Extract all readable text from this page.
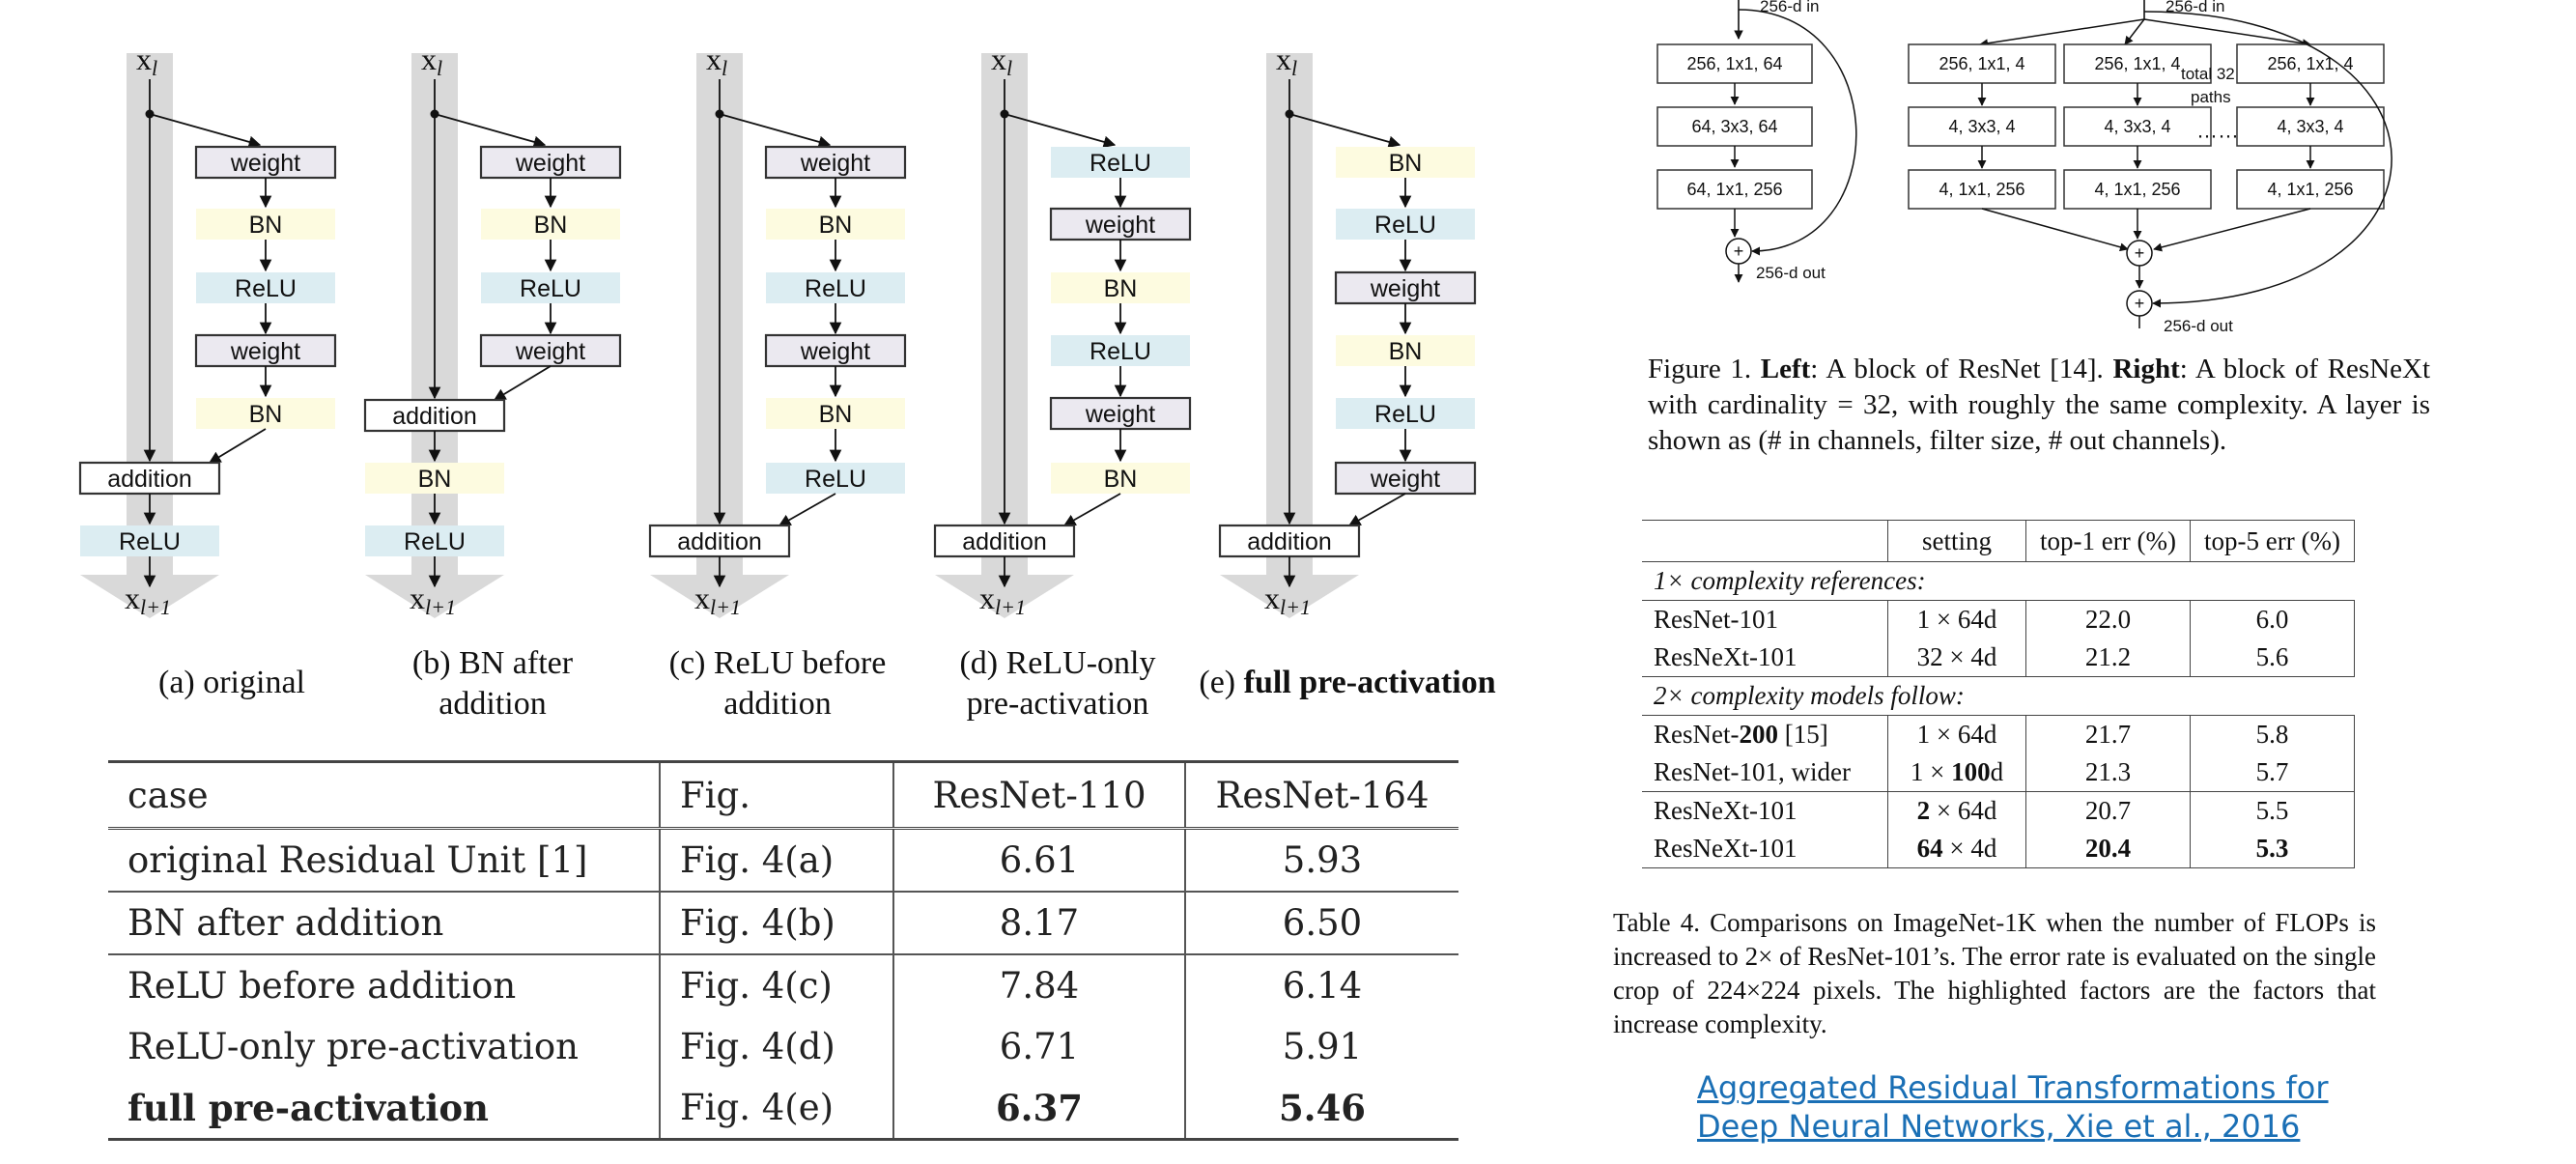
xl
weight
BN
ReLU
weight
BN
addition
ReLU
xl+1
xl
weight
BN
ReLU
weight
addition
BN
ReLU
xl+1
xl
weight
BN
ReLU
weight
BN
ReLU
addition
xl+1
xl
ReLU
weight
BN
ReLU
weight
BN
addition
xl+1
xl
BN
ReLU
weight
BN
ReLU
weight
addition
xl+1
(a) original
(b) BN after
addition
(c) ReLU before
addition
(d) ReLU-only
pre-activation
(e) full pre-activation
case	Fig.	ResNet-110	ResNet-164
original Residual Unit [1]	Fig. 4(a)	6.61	5.93
BN after addition	Fig. 4(b)	8.17	6.50
ReLU before addition	Fig. 4(c)	7.84	6.14
ReLU-only pre-activation	Fig. 4(d)	6.71	5.91
full pre-activation	Fig. 4(e)	6.37	5.46
256-d in
256, 1x1, 64
64, 3x3, 64
64, 1x1, 256
+
256-d out
256-d in
256, 1x1, 4
4, 3x3, 4
4, 1x1, 256
256, 1x1, 4
4, 3x3, 4
4, 1x1, 256
256, 1x1, 4
4, 3x3, 4
4, 1x1, 256
total 32
paths
……
+
+
256-d out
Figure 1. Left: A block of ResNet [14]. Right: A block of ResNeXt with cardinality = 32, with roughly the same complexity. A layer is shown as (# in channels, filter size, # out channels).
	setting	top-1 err (%)	top-5 err (%)
1× complexity references:			
ResNet-101	1 × 64d	22.0	6.0
ResNeXt-101	32 × 4d	21.2	5.6
2× complexity models follow:			
ResNet-200 [15]	1 × 64d	21.7	5.8
ResNet-101, wider	1 × 100d	21.3	5.7
ResNeXt-101	2 × 64d	20.7	5.5
ResNeXt-101	64 × 4d	20.4	5.3
Table 4. Comparisons on ImageNet-1K when the number of FLOPs is increased to 2× of ResNet-101’s. The error rate is evaluated on the single crop of 224×224 pixels. The highlighted factors are the factors that increase complexity.
Aggregated Residual Transformations for
Deep Neural Networks, Xie et al., 2016
